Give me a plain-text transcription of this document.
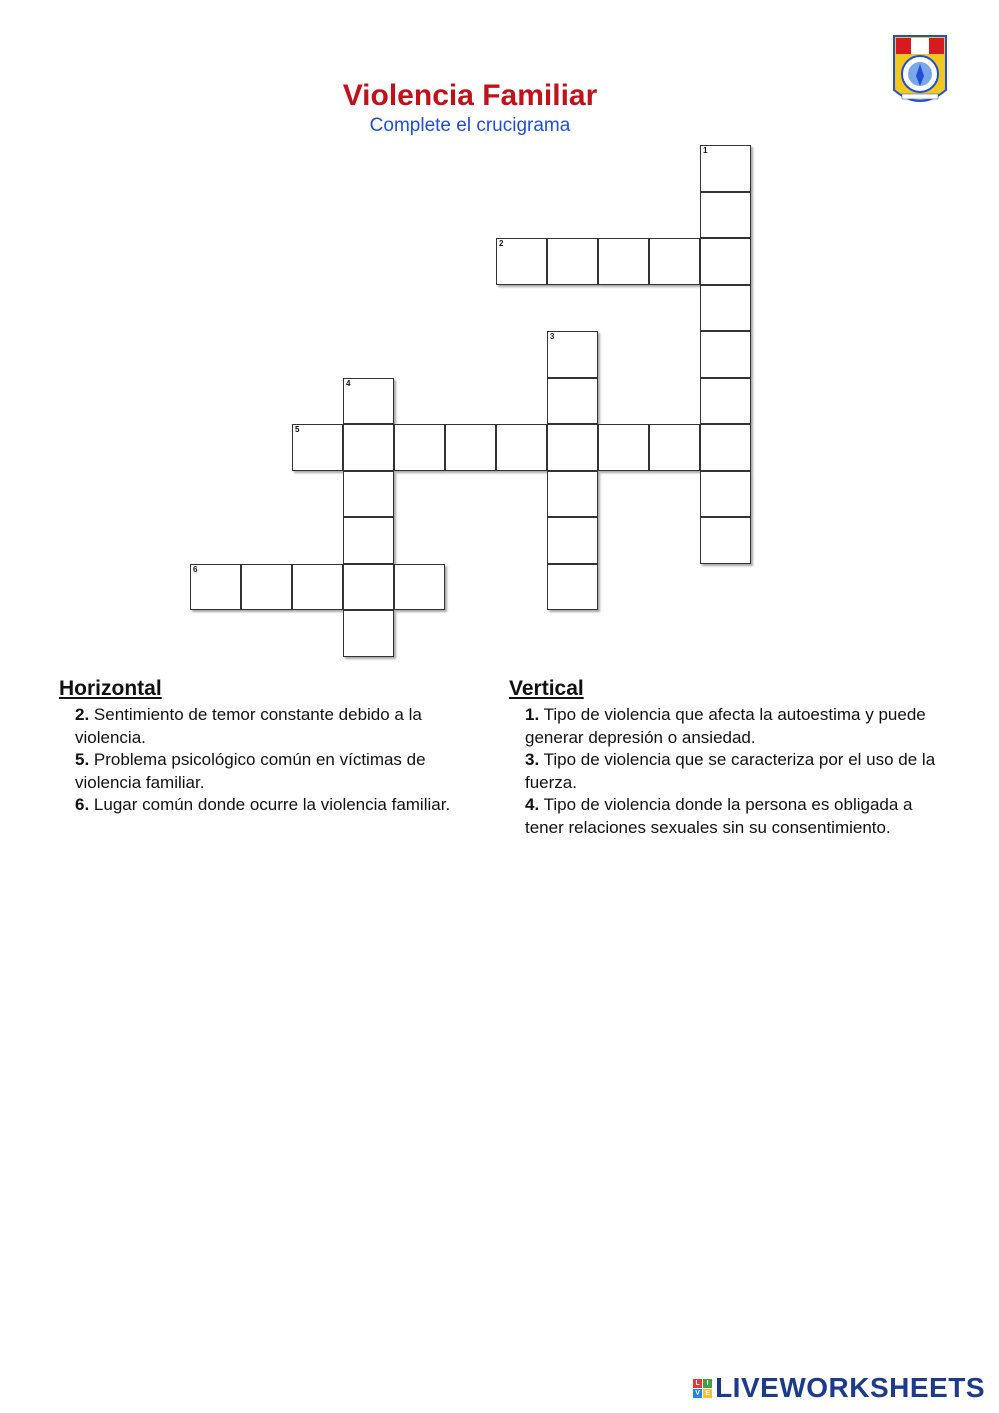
Violencia Familiar
Complete el crucigrama
1
2
3
4
5
6
Horizontal
2. Sentimiento de temor constante debido a la violencia.
5. Problema psicológico común en víctimas de violencia familiar.
6. Lugar común donde ocurre la violencia familiar.
Vertical
1. Tipo de violencia que afecta la autoestima y puede generar depresión o ansiedad.
3. Tipo de violencia que se caracteriza por el uso de la fuerza.
4. Tipo de violencia donde la persona es obligada a tener relaciones sexuales sin su consentimiento.
L I
V E LIVEWORKSHEETS
